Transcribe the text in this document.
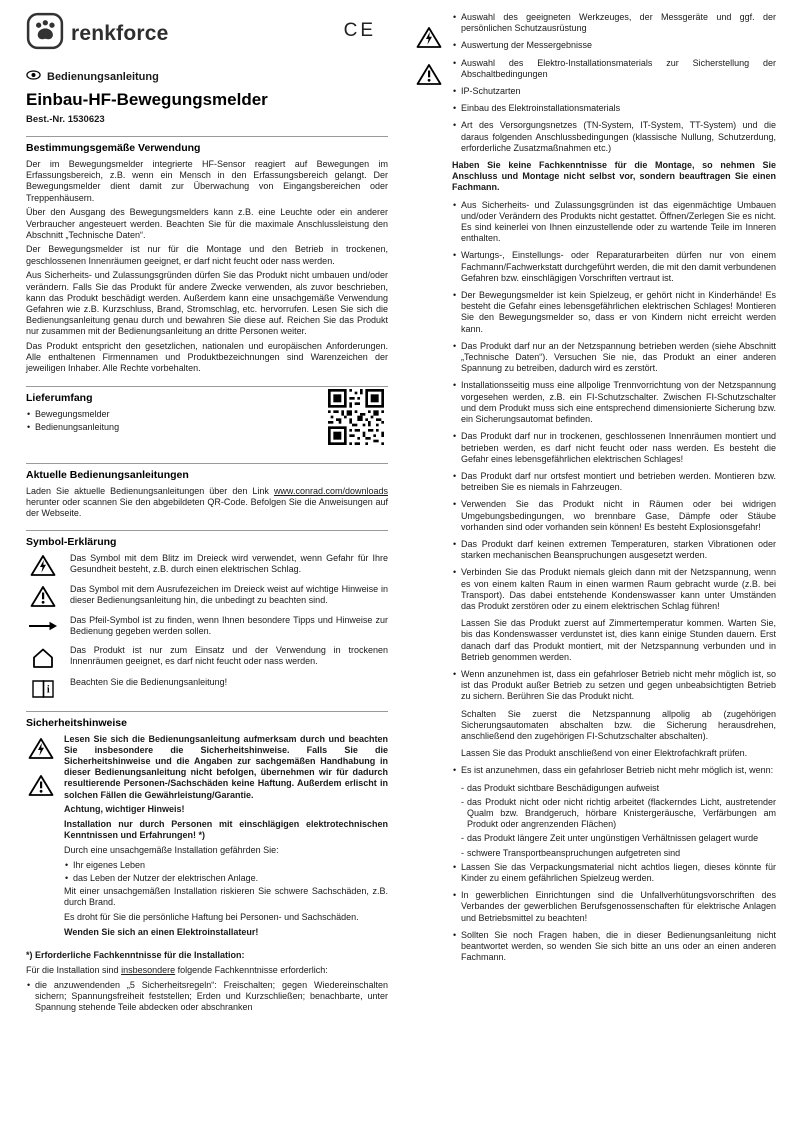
renkforce	CE
Bedienungsanleitung
Einbau-HF-Bewegungsmelder
Best.-Nr. 1530623
Bestimmungsgemäße Verwendung

Der im Bewegungsmelder integrierte HF-Sensor reagiert auf Bewegungen im Erfassungsbereich, z.B. wenn ein Mensch in den Erfassungsbereich gelangt. Der Bewegungsmelder dient damit zur Überwachung von Eingangsbereichen oder Treppenhäusern.

Über den Ausgang des Bewegungsmelders kann z.B. eine Leuchte oder ein anderer Verbraucher angesteuert werden. Beachten Sie für die maximale Anschlussleistung den Abschnitt „Technische Daten“.

Der Bewegungsmelder ist nur für die Montage und den Betrieb in trockenen, geschlossenen Innenräumen geeignet, er darf nicht feucht oder nass werden.

Aus Sicherheits- und Zulassungsgründen dürfen Sie das Produkt nicht umbauen und/oder verändern. Falls Sie das Produkt für andere Zwecke verwenden, als zuvor beschrieben, kann das Produkt beschädigt werden. Außerdem kann eine unsachgemäße Verwendung Gefahren wie z.B. Kurzschluss, Brand, Stromschlag, etc. hervorrufen. Lesen Sie sich die Bedienungsanleitung genau durch und bewahren Sie diese auf. Reichen Sie das Produkt nur zusammen mit der Bedienungsanleitung an dritte Personen weiter.

Das Produkt entspricht den gesetzlichen, nationalen und europäischen Anforderungen. Alle enthaltenen Firmennamen und Produktbezeichnungen sind Warenzeichen der jeweiligen Inhaber. Alle Rechte vorbehalten.

Lieferumfang
• Bewegungsmelder
• Bedienungsanleitung
Aktuelle Bedienungsanleitungen

Laden Sie aktuelle Bedienungsanleitungen über den Link www.conrad.com/downloads herunter oder scannen Sie den abgebildeten QR-Code. Befolgen Sie die Anweisungen auf der Webseite.

Symbol-Erklärung

Das Symbol mit dem Blitz im Dreieck wird verwendet, wenn Gefahr für Ihre Gesundheit besteht, z.B. durch einen elektrischen Schlag.

Das Symbol mit dem Ausrufezeichen im Dreieck weist auf wichtige Hinweise in dieser Bedienungsanleitung hin, die unbedingt zu beachten sind.

Das Pfeil-Symbol ist zu finden, wenn Ihnen besondere Tipps und Hinweise zur Bedienung gegeben werden sollen.

Das Produkt ist nur zum Einsatz und der Verwendung in trockenen Innenräumen geeignet, es darf nicht feucht oder nass werden.

i

Beachten Sie die Bedienungsanleitung!

Sicherheitshinweise

Lesen Sie sich die Bedienungsanleitung aufmerksam durch und beachten Sie insbesondere die Sicherheitshinweise. Falls Sie die Sicherheitshinweise und die Angaben zur sachgemäßen Handhabung in dieser Bedienungsanleitung nicht befolgen, übernehmen wir für dadurch resultierende Personen-/Sachschäden keine Haftung. Außerdem erlischt in solchen Fällen die Gewährleistung/Garantie.

Achtung, wichtiger Hinweis!

Installation nur durch Personen mit einschlägigen elektrotechnischen Kenntnissen und Erfahrungen! *)

Durch eine unsachgemäße Installation gefährden Sie:

• Ihr eigenes Leben
• das Leben der Nutzer der elektrischen Anlage.

Mit einer unsachgemäßen Installation riskieren Sie schwere Sachschäden, z.B. durch Brand.

Es droht für Sie die persönliche Haftung bei Personen- und Sachschäden.

Wenden Sie sich an einen Elektroinstallateur!

*) Erforderliche Fachkenntnisse für die Installation:

Für die Installation sind insbesondere folgende Fachkenntnisse erforderlich:

• die anzuwendenden „5 Sicherheitsregeln“: Freischalten; gegen Wiedereinschalten sichern; Spannungsfreiheit feststellen; Erden und Kurzschließen; benachbarte, unter Spannung stehende Teile abdecken oder abschranken
• Auswahl des geeigneten Werkzeuges, der Messgeräte und ggf. der persönlichen Schutzausrüstung
• Auswertung der Messergebnisse
• Auswahl des Elektro-Installationsmaterials zur Sicherstellung der Abschaltbedingungen
• IP-Schutzarten
• Einbau des Elektroinstallationsmaterials
• Art des Versorgungsnetzes (TN-System, IT-System, TT-System) und die daraus folgenden Anschlussbedingungen (klassische Nullung, Schutzerdung, erforderliche Zusatzmaßnahmen etc.)
Haben Sie keine Fachkenntnisse für die Montage, so nehmen Sie Anschluss und Montage nicht selbst vor, sondern beauftragen Sie einen Fachmann.
• Aus Sicherheits- und Zulassungsgründen ist das eigenmächtige Umbauen und/oder Verändern des Produkts nicht gestattet. Öffnen/Zerlegen Sie es nicht. Es sind keinerlei von Ihnen einzustellende oder zu wartende Teile im Inneren enthalten.
• Wartungs-, Einstellungs- oder Reparaturarbeiten dürfen nur von einem Fachmann/Fachwerkstatt durchgeführt werden, die mit den damit verbundenen Gefahren bzw. einschlägigen Vorschriften vertraut ist.
• Der Bewegungsmelder ist kein Spielzeug, er gehört nicht in Kinderhände! Es besteht die Gefahr eines lebensgefährlichen elektrischen Schlages! Montieren Sie den Bewegungsmelder so, dass er von Kindern nicht erreicht werden kann.
• Das Produkt darf nur an der Netzspannung betrieben werden (siehe Abschnitt „Technische Daten“). Versuchen Sie nie, das Produkt an einer anderen Spannung zu betreiben, dadurch wird es zerstört.
• Installationsseitig muss eine allpolige Trennvorrichtung von der Netzspannung vorgesehen werden, z.B. ein FI-Schutzschalter. Zwischen FI-Schutzschalter und dem Produkt muss sich eine entsprechend dimensionierte Sicherung bzw. ein Sicherungsautomat befinden.
• Das Produkt darf nur in trockenen, geschlossenen Innenräumen montiert und betrieben werden, es darf nicht feucht oder nass werden. Es besteht die Gefahr eines lebensgefährlichen elektrischen Schlages!
• Das Produkt darf nur ortsfest montiert und betrieben werden. Montieren bzw. betreiben Sie es niemals in Fahrzeugen.
• Verwenden Sie das Produkt nicht in Räumen oder bei widrigen Umgebungsbedingungen, wo brennbare Gase, Dämpfe oder Stäube vorhanden sind oder vorhanden sein können! Es besteht Explosionsgefahr!
• Das Produkt darf keinen extremen Temperaturen, starken Vibrationen oder starken mechanischen Beanspruchungen ausgesetzt werden.
• Verbinden Sie das Produkt niemals gleich dann mit der Netzspannung, wenn es von einem kalten Raum in einen warmen Raum gebracht wurde (z.B. bei Transport). Das dabei entstehende Kondenswasser kann unter Umständen das Produkt zerstören oder zu einem elektrischen Schlag führen!
Lassen Sie das Produkt zuerst auf Zimmertemperatur kommen. Warten Sie, bis das Kondenswasser verdunstet ist, dies kann einige Stunden dauern. Erst danach darf das Produkt montiert, mit der Netzspannung verbunden und in Betrieb genommen werden.
• Wenn anzunehmen ist, dass ein gefahrloser Betrieb nicht mehr möglich ist, so ist das Produkt außer Betrieb zu setzen und gegen unbeabsichtigten Betrieb zu sichern. Berühren Sie das Produkt nicht.
Schalten Sie zuerst die Netzspannung allpolig ab (zugehörigen Sicherungsautomaten abschalten bzw. die Sicherung herausdrehen, anschließend den zugehörigen FI-Schutzschalter abschalten).
Lassen Sie das Produkt anschließend von einer Elektrofachkraft prüfen.
• Es ist anzunehmen, dass ein gefahrloser Betrieb nicht mehr möglich ist, wenn:
- das Produkt sichtbare Beschädigungen aufweist
- das Produkt nicht oder nicht richtig arbeitet (flackerndes Licht, austretender Qualm bzw. Brandgeruch, hörbare Knistergeräusche, Verfärbungen am Produkt oder angrenzenden Flächen)
- das Produkt längere Zeit unter ungünstigen Verhältnissen gelagert wurde
- schwere Transportbeanspruchungen aufgetreten sind
• Lassen Sie das Verpackungsmaterial nicht achtlos liegen, dieses könnte für Kinder zu einem gefährlichen Spielzeug werden.
• In gewerblichen Einrichtungen sind die Unfallverhütungsvorschriften des Verbandes der gewerblichen Berufsgenossenschaften für elektrische Anlagen und Betriebsmittel zu beachten!
• Sollten Sie noch Fragen haben, die in dieser Bedienungsanleitung nicht beantwortet werden, so wenden Sie sich bitte an uns oder an einen anderen Fachmann.
